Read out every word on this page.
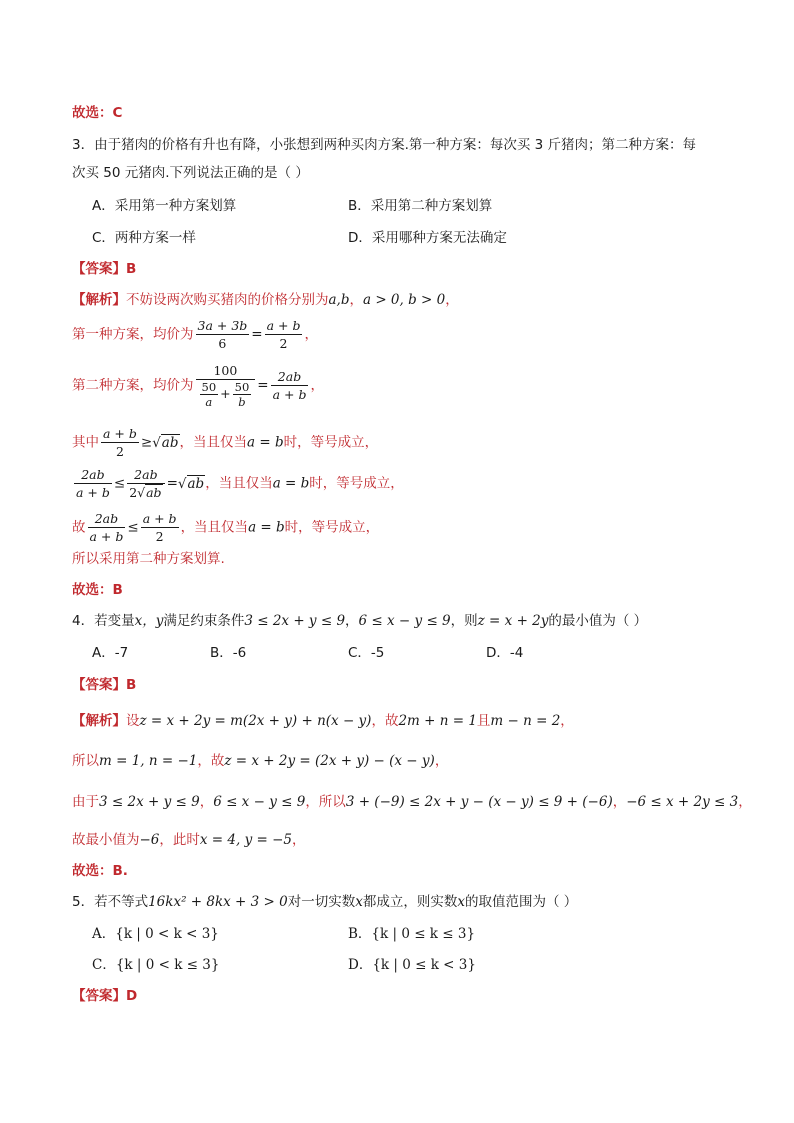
故选：C
3．由于猪肉的价格有升也有降，小张想到两种买肉方案.第一种方案：每次买 3 斤猪肉；第二种方案：每
次买 50 元猪肉.下列说法正确的是（ ）
A．采用第一种方案划算	B．采用第二种方案划算
C．两种方案一样	D．采用哪种方案无法确定
【答案】B
【解析】不妨设两次购买猪肉的价格分别为a,b，a > 0, b > 0，
第一种方案，均价为 $\frac{3a + 3b}{6} = \frac{a + b}{2}$ ，
第二种方案，均价为 $\frac{100}{\frac{50}{a} + \frac{50}{b}} = \frac{2ab}{a + b}$ ，
其中 $\frac{a + b}{2} \ge√ab$，当且仅当a = b时，等号成立，
$\frac{2ab}{a + b} \le \frac{2ab}{2√ab} =√ab$，当且仅当a = b时，等号成立，
故 $\frac{2ab}{a + b} \le \frac{a + b}{2}$ ，当且仅当a = b时，等号成立，
所以采用第二种方案划算.
故选：B
4．若变量x，y满足约束条件3 ≤ 2x + y ≤ 9，6 ≤ x − y ≤ 9，则z = x + 2y的最小值为（ ）
A．-7	B．-6	C．-5	D．-4
【答案】B
【解析】设z = x + 2y = m(2x + y) + n(x − y)，故2m + n = 1且m − n = 2，
所以m = 1, n = −1，故z = x + 2y = (2x + y) − (x − y)，
由于3 ≤ 2x + y ≤ 9，6 ≤ x − y ≤ 9，所以3 + (−9) ≤ 2x + y − (x − y) ≤ 9 + (−6)，−6 ≤ x + 2y ≤ 3，
故最小值为−6，此时x = 4, y = −5，
故选：B.
5．若不等式16kx² + 8kx + 3 > 0对一切实数x都成立，则实数x的取值范围为（ ）
A．{k | 0 < k < 3}	B．{k | 0 ≤ k ≤ 3}
C．{k | 0 < k ≤ 3}	D．{k | 0 ≤ k < 3}
【答案】D
